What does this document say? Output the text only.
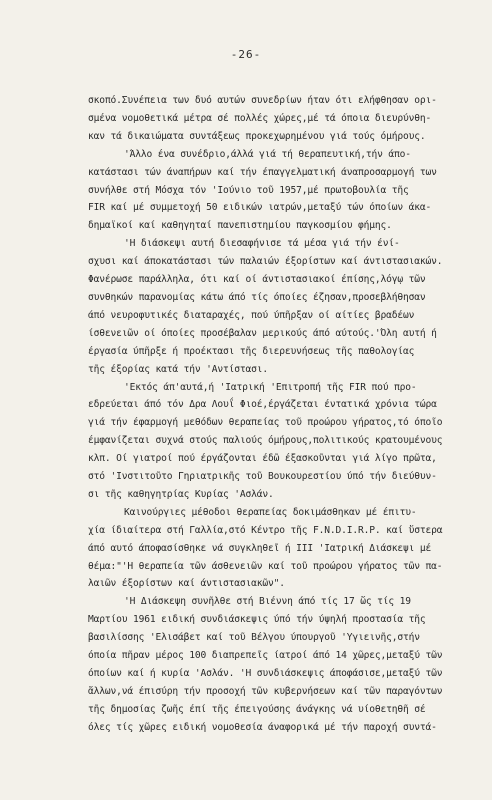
-26-
σκοπό.Συνέπεια των δυό αυτών συνεδρίων ήταν ότι ελήφθησαν ορι-
σμένα νομοθετικά μέτρα σέ πολλές χώρες,μέ τά όποια διευρύνθη-
καν τά δικαιώματα συντάξεως προκεχωρημένου γιά τούς όμήρους.
'Άλλο ένα συνέδριο,άλλά γιά τή θεραπευτική,τήν άπο-
κατάστασι τών άναπήρων καί τήν έπαγγελματική άναπροσαρμογή των
συνήλθε στή Μόσχα τόν 'Ιούνιο τοῦ 1957,μέ πρωτοβουλία τῆς
FIR καί μέ συμμετοχή 50 ειδικών ιατρών,μεταξύ τών όποίων άκα-
δημαϊκοί καί καθηγηταί πανεπιστημίου παγκοσμίου φήμης.
'Η διάσκεψι αυτή διεσαφήνισε τά μέσα γιά τήν ένί-
σχυσι καί άποκατάστασι τών παλαιών έξορίστων καί άντιστασιακών.
Φανέρωσε παράλληλα, ότι καί οί άντιστασιακοί έπίσης,λόγῳ τῶν
συνθηκών παρανομίας κάτω άπό τίς όποίες έζησαν,προσεβλήθησαν
άπό νευροφυτικές διαταραχές, πού ύπῆρξαν οί αίτίες βραδέων
ίσθενειῶν οί όποίες προσέβαλαν μερικούς άπό αύτούς.'Όλη αυτή ή
έργασία ύπῆρξε ή προέκτασι τῆς διερευνήσεως τῆς παθολογίας
τῆς έξορίας κατά τήν 'Αντίστασι.
'Εκτός άπ'αυτά,ή 'Ιατρική 'Επιτροπή τῆς FIR πού προ-
εδρεύεται άπό τόν Δρα Λουΐ Φιοέ,έργάζεται έντατικά χρόνια τώρα
γιά τήν έφαρμογή μεθόδων θεραπείας τοῦ προώρου γήρατος,τό όποῖο
έμφανίζεται συχνά στούς παλιούς όμήρους,πολιτικούς κρατουμένους
κλπ. Οί γιατροί πού έργάζονται έδῶ έξασκοῦνται γιά λίγο πρῶτα,
στό 'Ινστιτοῦτο Γηριατρικῆς τοῦ Βουκουρεστίου ύπό τήν διεύθυν-
σι τῆς καθηγητρίας Κυρίας 'Ασλάν.
Καινούργιες μέθοδοι θεραπείας δοκιμάσθηκαν μέ έπιτυ-
χία ίδιαίτερα στή Γαλλία,στό Κέντρο τῆς F.N.D.I.R.P. καί ὕστερα
άπό αυτό άποφασίσθηκε νά συγκληθεῖ ή III 'Ιατρική Διάσκεψι μέ
θέμα:"'Η θεραπεία τῶν άσθενειῶν καί τοῦ προώρου γήρατος τῶν πα-
λαιῶν έξορίστων καί άντιστασιακῶν".
'Η Διάσκεψη συνῆλθε στή Βιέννη άπό τίς 17 ὥς τίς 19
Μαρτίου 1961 ειδική συνδιάσκεψις ύπό τήν ύψηλή προστασία τῆς
βασιλίσσης 'Ελισάβετ καί τοῦ Βέλγου ύπουργοῦ 'Υγιεινῆς,στήν
όποία πῆραν μέρος 100 διαπρεπεῖς ίατροί άπό 14 χῶρες,μεταξύ τῶν
όποίων καί ή κυρία 'Ασλάν. 'Η συνδιάσκεψις άποφάσισε,μεταξύ τῶν
ἄλλων,νά έπισύρη τήν προσοχή τῶν κυβερνήσεων καί τῶν παραγόντων
τῆς δημοσίας ζωῆς έπί τῆς έπειγούσης άνάγκης νά υίοθετηθῆ σέ
όλες τίς χῶρες ειδική νομοθεσία άναφορικά μέ τήν παροχή συντά-
